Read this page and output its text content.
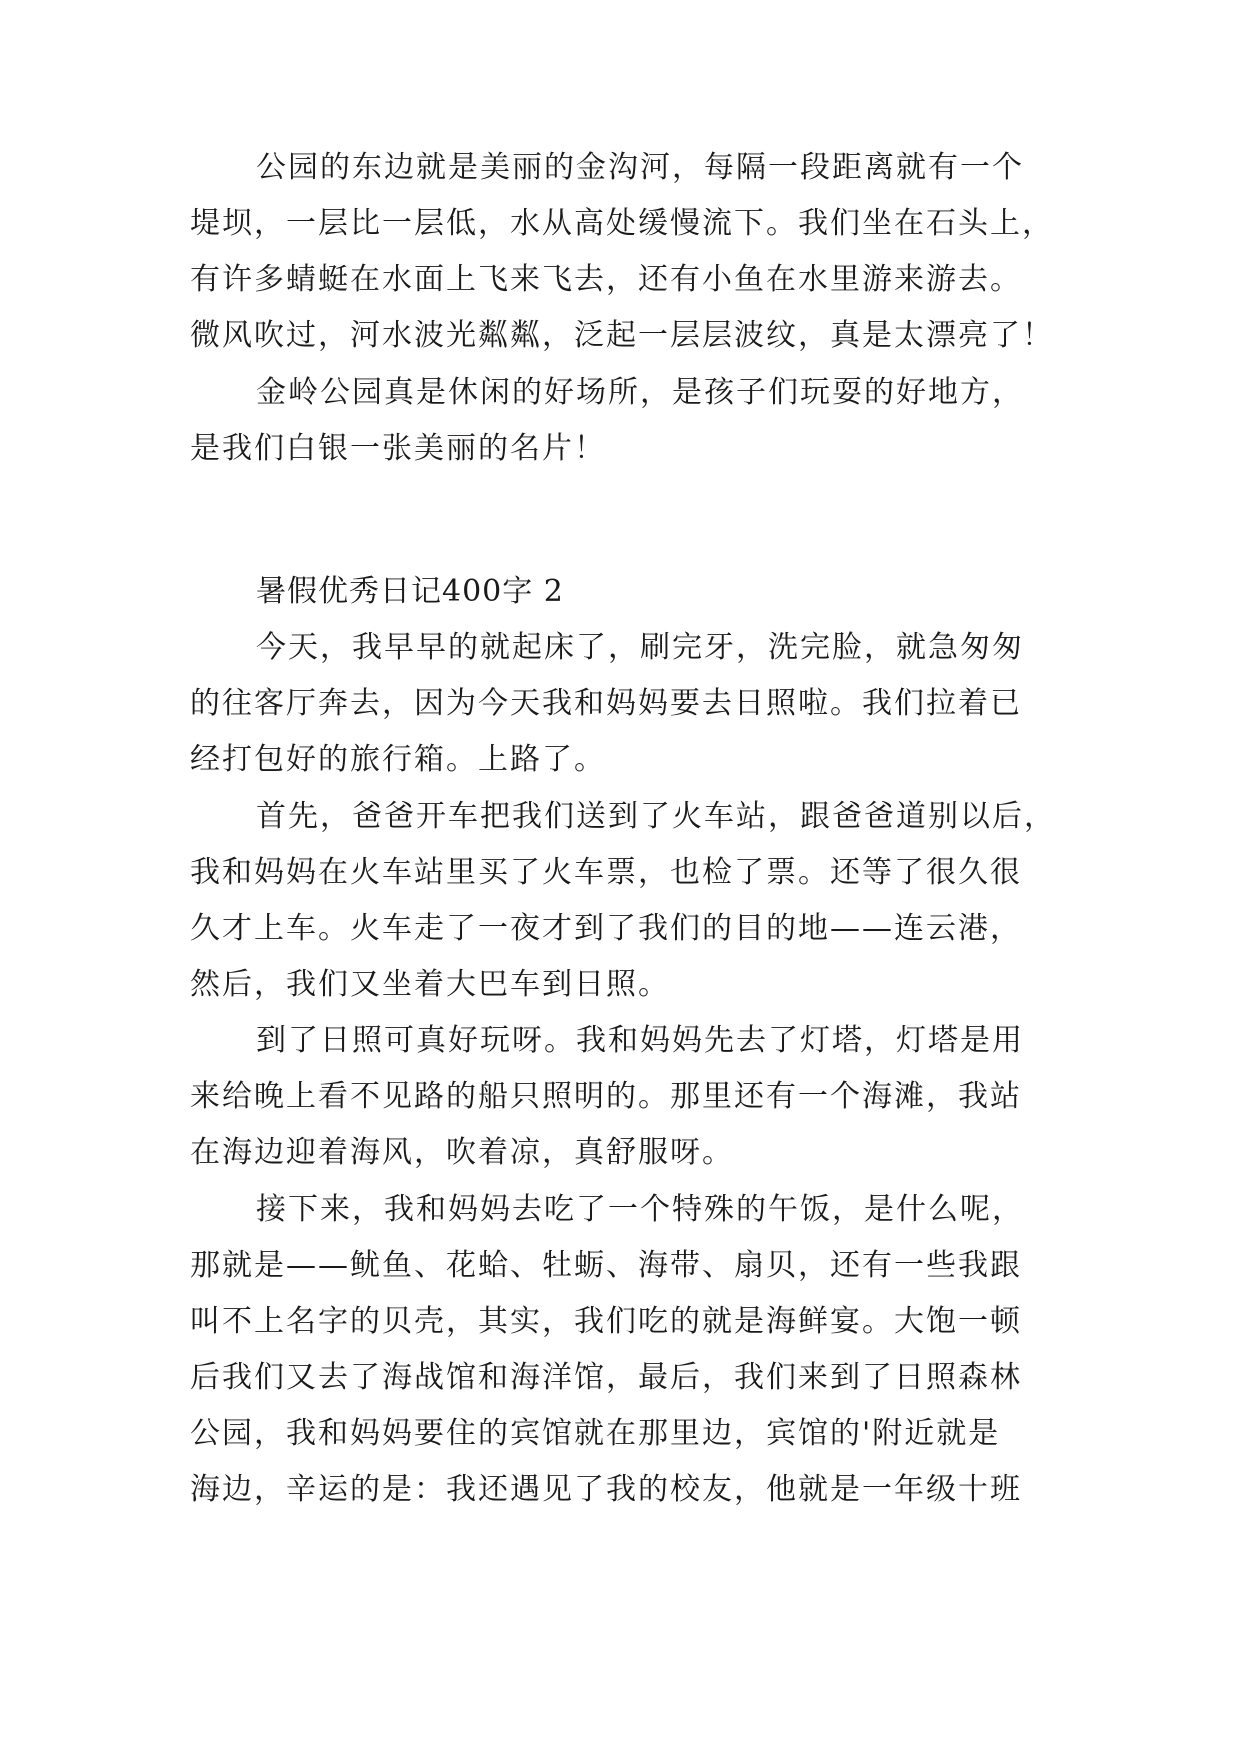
公园的东边就是美丽的金沟河，每隔一段距离就有一个
堤坝，一层比一层低，水从高处缓慢流下。我们坐在石头上，
有许多蜻蜓在水面上飞来飞去，还有小鱼在水里游来游去。
微风吹过，河水波光粼粼，泛起一层层波纹，真是太漂亮了！
金岭公园真是休闲的好场所，是孩子们玩耍的好地方，
是我们白银一张美丽的名片！
暑假优秀日记400字 2
今天，我早早的就起床了，刷完牙，洗完脸，就急匆匆
的往客厅奔去，因为今天我和妈妈要去日照啦。我们拉着已
经打包好的旅行箱。上路了。
首先，爸爸开车把我们送到了火车站，跟爸爸道别以后，
我和妈妈在火车站里买了火车票，也检了票。还等了很久很
久才上车。火车走了一夜才到了我们的目的地——连云港，
然后，我们又坐着大巴车到日照。
到了日照可真好玩呀。我和妈妈先去了灯塔，灯塔是用
来给晚上看不见路的船只照明的。那里还有一个海滩，我站
在海边迎着海风，吹着凉，真舒服呀。
接下来，我和妈妈去吃了一个特殊的午饭，是什么呢，
那就是——鱿鱼、花蛤、牡蛎、海带、扇贝，还有一些我跟
叫不上名字的贝壳，其实，我们吃的就是海鲜宴。大饱一顿
后我们又去了海战馆和海洋馆，最后，我们来到了日照森林
公园，我和妈妈要住的宾馆就在那里边，宾馆的'附近就是
海边，辛运的是：我还遇见了我的校友，他就是一年级十班
